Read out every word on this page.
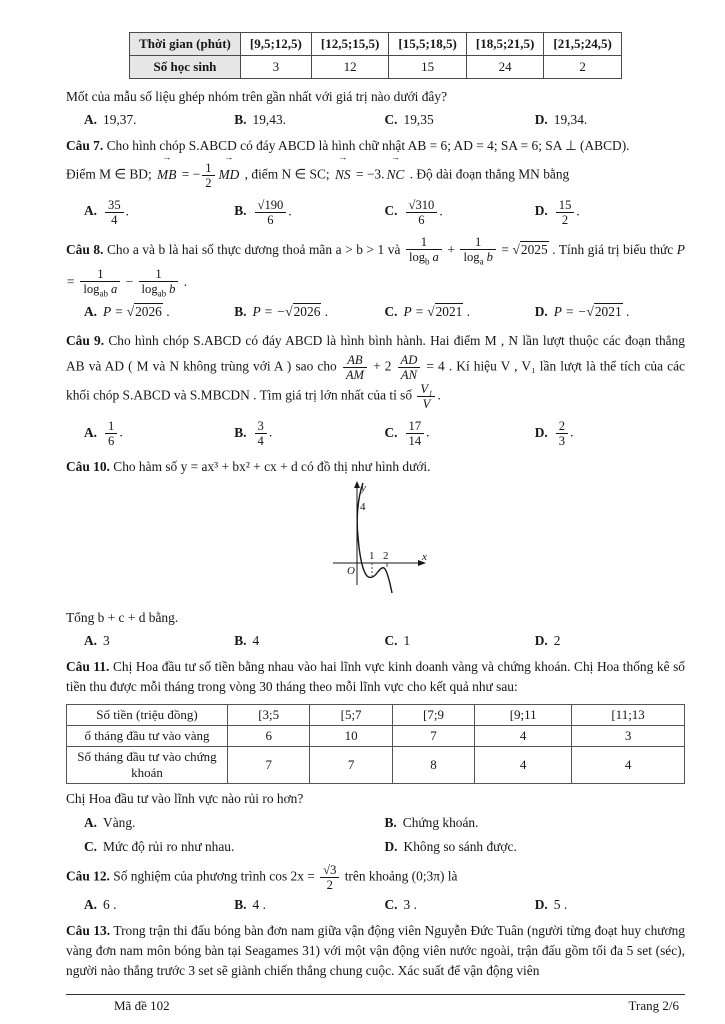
Thời gian (phút)	[9,5;12,5)	[12,5;15,5)	[15,5;18,5)	[18,5;21,5)	[21,5;24,5)
Số học sinh	3	12	15	24	2

Mốt của mẫu số liệu ghép nhóm trên gần nhất với giá trị nào dưới đây?

A. 19,37.	B. 19,43.	C. 19,35	D. 19,34.

Câu 7. Cho hình chóp S.ABCD có đáy ABCD là hình chữ nhật AB = 6; AD = 4; SA = 6; SA ⊥ (ABCD).

Điểm M ∈ BD;
→
MB = − $\frac{1}{2}$
→
MD , điểm N ∈ SC;
→
NS = −3.
→
NC . Độ dài đoạn thẳng MN bằng

A. $\frac{35}{4}$ .	B. $\frac{√190}{6}$ .	C. $\frac{√310}{6}$ .	D. $\frac{15}{2}$ .

Câu 8. Cho a và b là hai số thực dương thoả mãn a > b > 1 và $\frac{1}{\log_b a} + \frac{1}{\log_a b} = √2025$ . Tính giá trị biểu thức $P = \frac{1}{\log_{ab} a} - \frac{1}{\log_{ab} b}$ .

A. P = √2026 .	B. P = −√2026 .	C. P = √2021 .	D. P = −√2021 .

Câu 9. Cho hình chóp S.ABCD có đáy ABCD là hình bình hành. Hai điểm M , N lần lượt thuộc các đoạn thẳng AB và AD ( M và N không trùng với A ) sao cho $\frac{AB}{AM} + 2 \frac{AD}{AN} = 4$ . Kí hiệu V , V₁ lần lượt là thể tích của các khối chóp S.ABCD và S.MBCDN . Tìm giá trị lớn nhất của tỉ số $\frac{\text{V₁}}{V}$ .

A. $\frac{1}{6}$ .	B. $\frac{3}{4}$ .	C. $\frac{17}{14}$ .	D. $\frac{2}{3}$ .

Câu 10. Cho hàm số y = ax³ + bx² + cx + d có đồ thị như hình dưới.

y
x
O
4
1 2

Tổng b + c + d bằng.

A. 3	B. 4	C. 1	D. 2

Câu 11. Chị Hoa đầu tư số tiền bằng nhau vào hai lĩnh vực kinh doanh vàng và chứng khoán. Chị Hoa thống kê số tiền thu được mỗi tháng trong vòng 30 tháng theo mỗi lĩnh vực cho kết quả như sau:

Số tiền (triệu đồng)	[3;5	[5;7	[7;9	[9;11	[11;13
ố tháng đầu tư vào vàng	6	10	7	4	3
Số tháng đầu tư vào chứng khoán	7	7	8	4	4

Chị Hoa đầu tư vào lĩnh vực nào rủi ro hơn?

A. Vàng.	B. Chứng khoán.
C. Mức độ rủi ro như nhau.	D. Không so sánh được.

Câu 12. Số nghiệm của phương trình $\cos 2x = \frac{√3}{2}$ trên khoảng (0;3π) là

A. 6 .	B. 4 .	C. 3 .	D. 5 .

Câu 13. Trong trận thi đấu bóng bàn đơn nam giữa vận động viên Nguyễn Đức Tuân (người từng đoạt huy chương vàng đơn nam môn bóng bàn tại Seagames 31) với một vận động viên nước ngoài, trận đấu gồm tối đa 5 set (séc), người nào thắng trước 3 set sẽ giành chiến thắng chung cuộc. Xác suất để vận động viên

Mã đề 102	Trang 2/6
